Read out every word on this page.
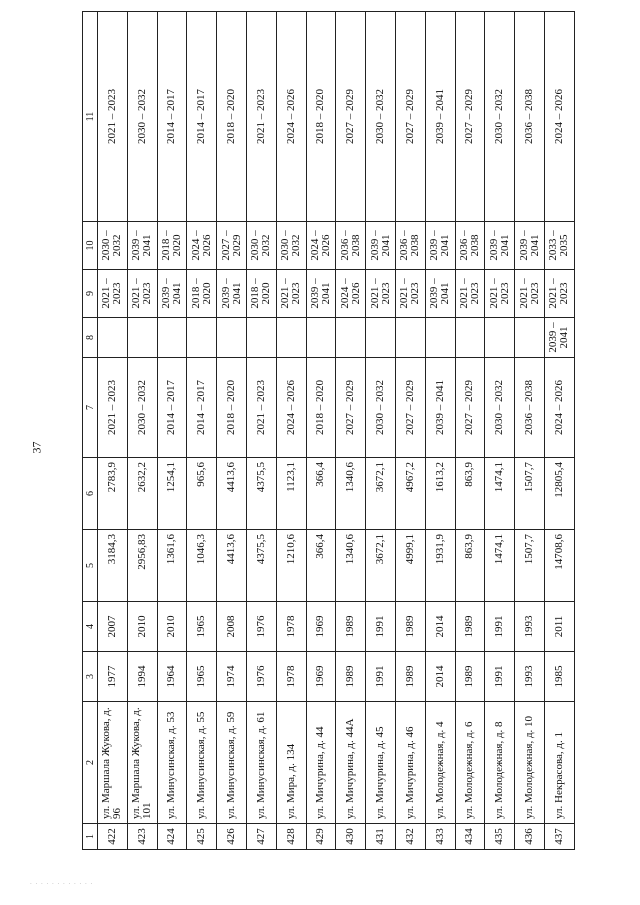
37
1	2	3	4	5	6	7	8	9	10	11
422	ул. Маршала Жукова, д. 96	1977	2007	3184,3	2783,9	2021 – 2023		2021 – 2023	2030 – 2032	2021 – 2023
423	ул. Маршала Жукова, д. 101	1994	2010	2956,83	2632,2	2030 – 2032		2021 – 2023	2039 – 2041	2030 – 2032
424	ул. Минусинская, д. 53	1964	2010	1361,6	1254,1	2014 – 2017		2039 – 2041	2018 – 2020	2014 – 2017
425	ул. Минусинская, д. 55	1965	1965	1046,3	965,6	2014 – 2017		2018 – 2020	2024 – 2026	2014 – 2017
426	ул. Минусинская, д. 59	1974	2008	4413,6	4413,6	2018 – 2020		2039 – 2041	2027 – 2029	2018 – 2020
427	ул. Минусинская, д. 61	1976	1976	4375,5	4375,5	2021 – 2023		2018 – 2020	2030 – 2032	2021 – 2023
428	ул. Мира, д. 134	1978	1978	1210,6	1123,1	2024 – 2026		2021 – 2023	2030 – 2032	2024 – 2026
429	ул. Мичурина, д. 44	1969	1969	366,4	366,4	2018 – 2020		2039 – 2041	2024 – 2026	2018 – 2020
430	ул. Мичурина, д. 44А	1989	1989	1340,6	1340,6	2027 – 2029		2024 – 2026	2036 – 2038	2027 – 2029
431	ул. Мичурина, д. 45	1991	1991	3672,1	3672,1	2030 – 2032		2021 – 2023	2039 – 2041	2030 – 2032
432	ул. Мичурина, д. 46	1989	1989	4999,1	4967,2	2027 – 2029		2021 – 2023	2036 – 2038	2027 – 2029
433	ул. Молодежная, д. 4	2014	2014	1931,9	1613,2	2039 – 2041		2039 – 2041	2039 – 2041	2039 – 2041
434	ул. Молодежная, д. 6	1989	1989	863,9	863,9	2027 – 2029		2021 – 2023	2036 – 2038	2027 – 2029
435	ул. Молодежная, д. 8	1991	1991	1474,1	1474,1	2030 – 2032		2021 – 2023	2039 – 2041	2030 – 2032
436	ул. Молодежная, д. 10	1993	1993	1507,7	1507,7	2036 – 2038		2021 – 2023	2039 – 2041	2036 – 2038
437	ул. Некрасова, д. 1	1985	2011	14708,6	12805,4	2024 – 2026	2039 – 2041	2021 – 2023	2033 – 2035	2024 – 2026
. . . . . . . . . . . .
